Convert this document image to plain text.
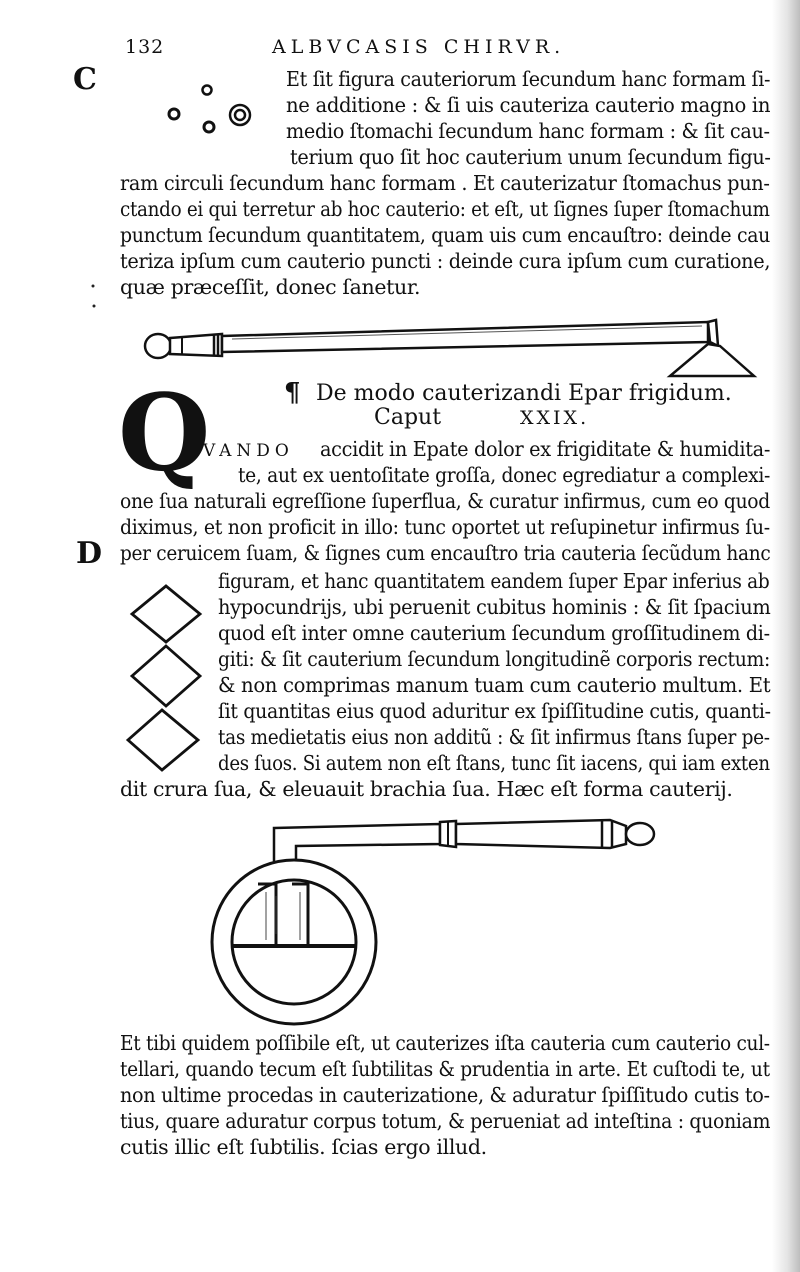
132	ALBVCASIS CHIRVR.
C
D
Et ſit figura cauteriorum ſecundum hanc formam ſi-
ne additione : & ſi uis cauteriza cauterio magno in
medio ſtomachi ſecundum hanc formam : & ſit cau-
terium quo ſit hoc cauterium unum ſecundum figu-
ram circuli ſecundum hanc formam . Et cauterizatur ſtomachus pun-
ctando ei qui terretur ab hoc cauterio: et eſt, ut ſignes ſuper ſtomachum
punctum ſecundum quantitatem, quam uis cum encauſtro: deinde cau
teriza ipſum cum cauterio puncti : deinde cura ipſum cum curatione,
quæ præceſſit, donec ſanetur.
¶ De modo cauterizandi Epar frigidum.
Caput	XXIX.
Q
VANDO accidit in Epate dolor ex frigiditate & humidita-
te, aut ex uentoſitate groſſa, donec egrediatur a complexi-
one ſua naturali egreſſione ſuperflua, & curatur infirmus, cum eo quod
diximus, et non proficit in illo: tunc oportet ut reſupinetur infirmus ſu-
per ceruicem ſuam, & ſignes cum encauſtro tria cauteria ſecũdum hanc
figuram, et hanc quantitatem eandem ſuper Epar inferius ab
hypocundrijs, ubi peruenit cubitus hominis : & ſit ſpacium
quod eſt inter omne cauterium ſecundum groſſitudinem di-
giti: & ſit cauterium ſecundum longitudinẽ corporis rectum:
& non comprimas manum tuam cum cauterio multum. Et
ſit quantitas eius quod aduritur ex ſpiſſitudine cutis, quanti-
tas medietatis eius non additũ : & ſit infirmus ſtans ſuper pe-
des ſuos. Si autem non eſt ſtans, tunc ſit iacens, qui iam exten
dit crura ſua, & eleuauit brachia ſua. Hæc eſt forma cauterij.
Et tibi quidem poſſibile eſt, ut cauterizes iſta cauteria cum cauterio cul-
tellari, quando tecum eſt ſubtilitas & prudentia in arte. Et cuſtodi te, ut
non ultime procedas in cauterizatione, & aduratur ſpiſſitudo cutis to-
tius, quare aduratur corpus totum, & perueniat ad inteſtina : quoniam
cutis illic eſt ſubtilis. ſcias ergo illud.
